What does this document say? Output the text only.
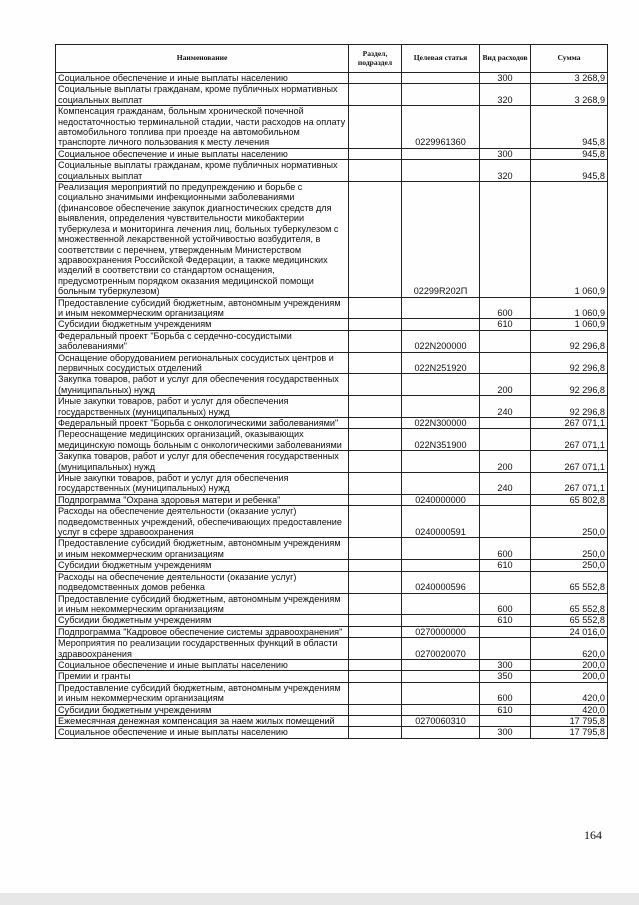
Наименование	Раздел, подраздел	Целевая статья	Вид расходов	Сумма
Социальное обеспечение и иные выплаты населению			300	3 268,9
Социальные выплаты гражданам, кроме публичных нормативных социальных выплат			320	3 268,9
Компенсация гражданам, больным хронической почечной недостаточностью терминальной стадии, части расходов на оплату автомобильного топлива при проезде на автомобильном транспорте личного пользования к месту лечения		0229961360		945,8
Социальное обеспечение и иные выплаты населению			300	945,8
Социальные выплаты гражданам, кроме публичных нормативных социальных выплат			320	945,8
Реализация мероприятий по предупреждению и борьбе с социально значимыми инфекционными заболеваниями (финансовое обеспечение закупок диагностических средств для выявления, определения чувствительности микобактерии туберкулеза и мониторинга лечения лиц, больных туберкулезом с множественной лекарственной устойчивостью возбудителя, в соответствии с перечнем, утвержденным Министерством здравоохранения Российской Федерации, а также медицинских изделий в соответствии со стандартом оснащения, предусмотренным порядком оказания медицинской помощи больным туберкулезом)		02299R202П		1 060,9
Предоставление субсидий бюджетным, автономным учреждениям и иным некоммерческим организациям			600	1 060,9
Субсидии бюджетным учреждениям			610	1 060,9
Федеральный проект "Борьба с сердечно-сосудистыми заболеваниями"		022N200000		92 296,8
Оснащение оборудованием региональных сосудистых центров и первичных сосудистых отделений		022N251920		92 296,8
Закупка товаров, работ и услуг для обеспечения государственных (муниципальных) нужд			200	92 296,8
Иные закупки товаров, работ и услуг для обеспечения государственных (муниципальных) нужд			240	92 296,8
Федеральный проект "Борьба с онкологическими заболеваниями"		022N300000		267 071,1
Переоснащение медицинских организаций, оказывающих медицинскую помощь больным с онкологическими заболеваниями		022N351900		267 071,1
Закупка товаров, работ и услуг для обеспечения государственных (муниципальных) нужд			200	267 071,1
Иные закупки товаров, работ и услуг для обеспечения государственных (муниципальных) нужд			240	267 071,1
Подпрограмма "Охрана здоровья матери и ребенка"		0240000000		65 802,8
Расходы на обеспечение деятельности (оказание услуг) подведомственных учреждений, обеспечивающих предоставление услуг в сфере здравоохранения		0240000591		250,0
Предоставление субсидий бюджетным, автономным учреждениям и иным некоммерческим организациям			600	250,0
Субсидии бюджетным учреждениям			610	250,0
Расходы на обеспечение деятельности (оказание услуг) подведомственных домов ребенка		0240000596		65 552,8
Предоставление субсидий бюджетным, автономным учреждениям и иным некоммерческим организациям			600	65 552,8
Субсидии бюджетным учреждениям			610	65 552,8
Подпрограмма "Кадровое обеспечение системы здравоохранения"		0270000000		24 016,0
Мероприятия по реализации государственных функций в области здравоохранения		0270020070		620,0
Социальное обеспечение и иные выплаты населению			300	200,0
Премии и гранты			350	200,0
Предоставление субсидий бюджетным, автономным учреждениям и иным некоммерческим организациям			600	420,0
Субсидии бюджетным учреждениям			610	420,0
Ежемесячная денежная компенсация за наем жилых помещений		0270060310		17 795,8
Социальное обеспечение и иные выплаты населению			300	17 795,8
164
